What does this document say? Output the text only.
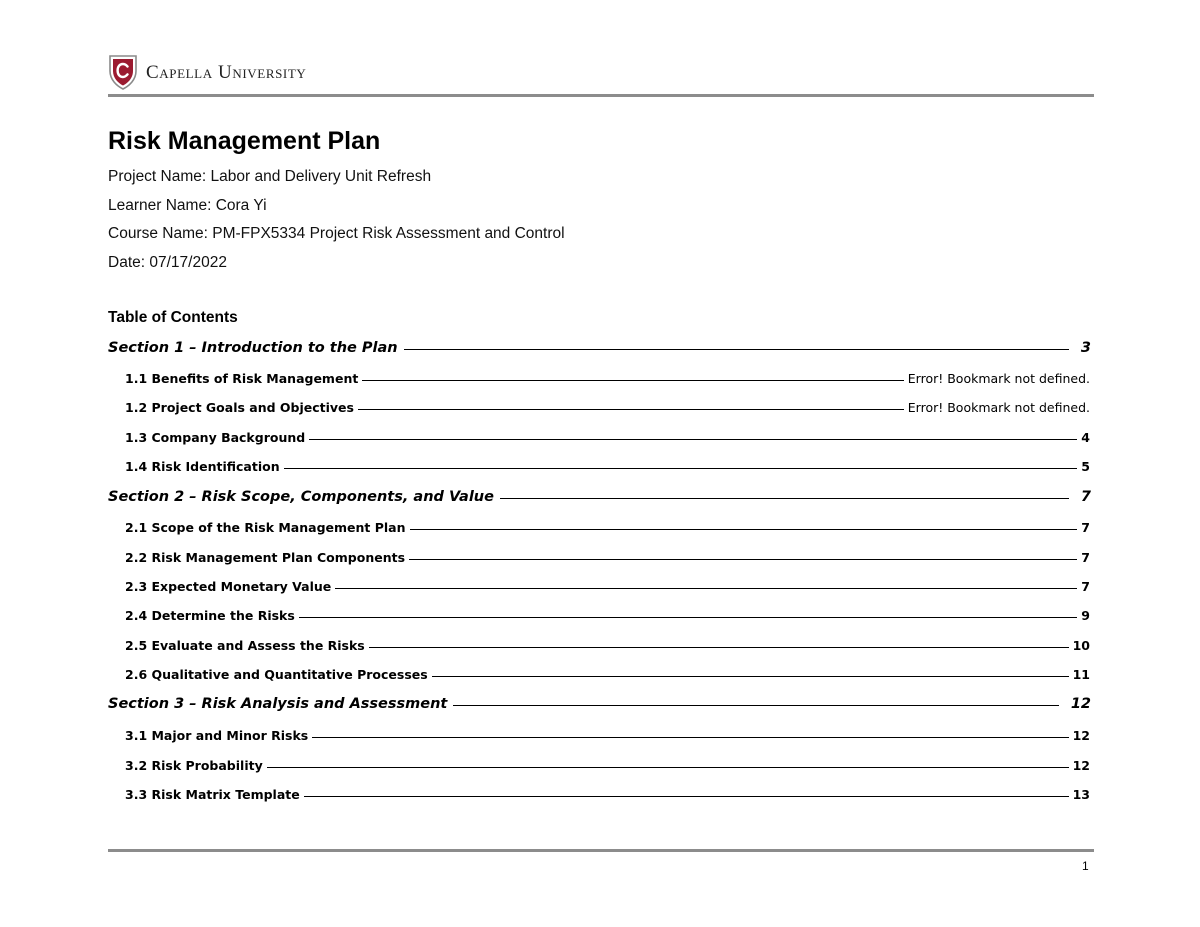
Capella University
Risk Management Plan
Project Name: Labor and Delivery Unit Refresh
Learner Name: Cora Yi
Course Name: PM-FPX5334 Project Risk Assessment and Control
Date: 07/17/2022
Table of Contents
Section 1 – Introduction to the Plan	3
1.1 Benefits of Risk Management	Error! Bookmark not defined.
1.2 Project Goals and Objectives	Error! Bookmark not defined.
1.3 Company Background	4
1.4 Risk Identification	5
Section 2 – Risk Scope, Components, and Value	7
2.1 Scope of the Risk Management Plan	7
2.2 Risk Management Plan Components	7
2.3 Expected Monetary Value	7
2.4 Determine the Risks	9
2.5 Evaluate and Assess the Risks	10
2.6 Qualitative and Quantitative Processes	11
Section 3 – Risk Analysis and Assessment	12
3.1 Major and Minor Risks	12
3.2 Risk Probability	12
3.3 Risk Matrix Template	13
1
